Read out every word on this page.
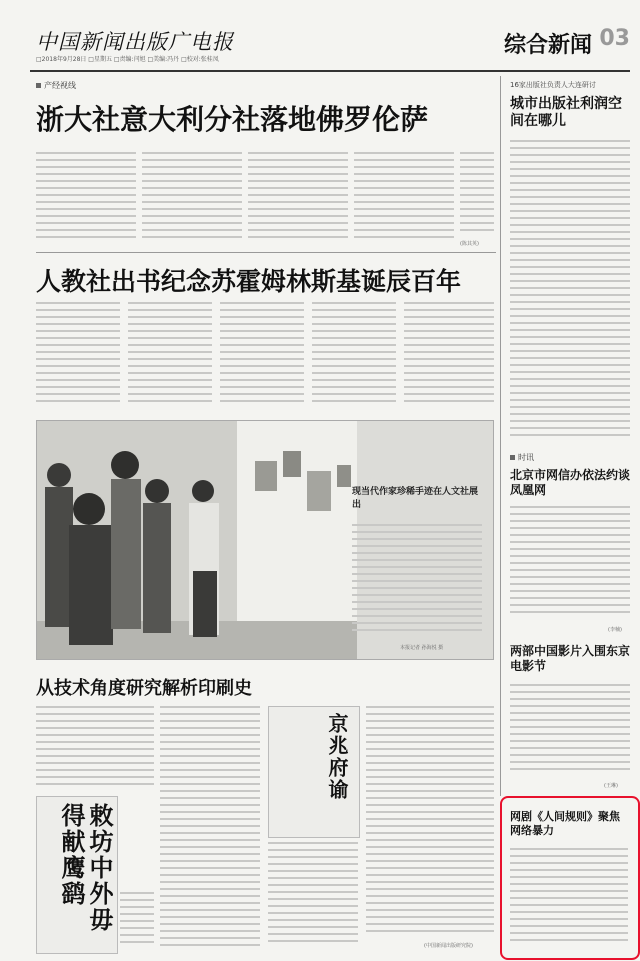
中国新闻出版广电报
□2018年9月28日 □星期五 □责编:闫旭 □美编:冯丹 □校对:张桂凤
综合新闻 03
产经视线
浙大社意大利分社落地佛罗伦萨
(陈其英)
人教社出书纪念苏霍姆林斯基诞辰百年
现当代作家珍稀手迹在人文社展出
本报记者 孙海悦 摄
从技术角度研究解析印刷史
敕坊中外毋得献鹰鹞
京兆府谕
(中国新闻出版研究院)
16家出版社负责人大连研讨
城市出版社利润空间在哪儿
时讯
北京市网信办依法约谈凤凰网
(李楠)
两部中国影片入围东京电影节
(王琳)
网剧《人间规则》聚焦网络暴力
